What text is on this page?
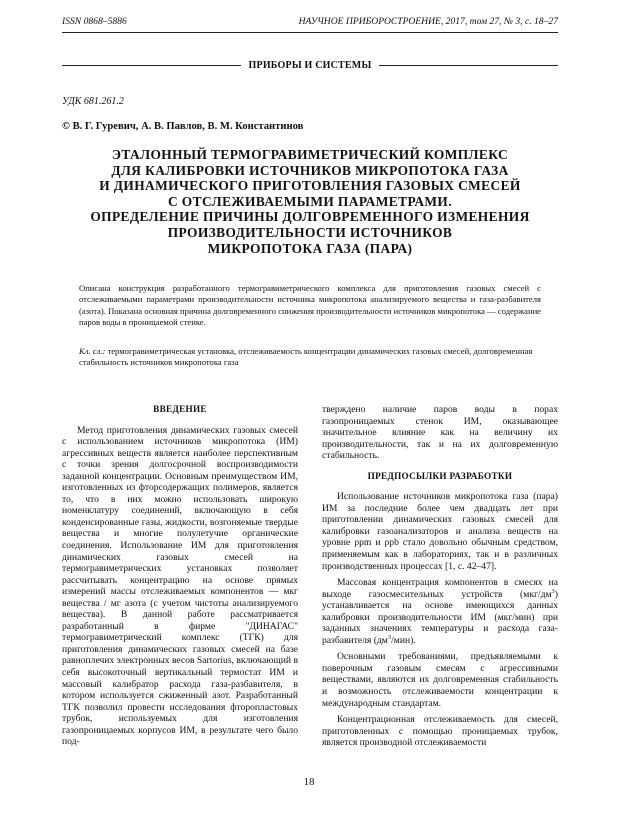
ISSN 0868–5886	НАУЧНОЕ ПРИБОРОСТРОЕНИЕ, 2017, том 27, № 3, с. 18–27
ПРИБОРЫ И СИСТЕМЫ
УДК 681.261.2
© В. Г. Гуревич, А. В. Павлов, В. М. Константинов
ЭТАЛОННЫЙ ТЕРМОГРАВИМЕТРИЧЕСКИЙ КОМПЛЕКС
ДЛЯ КАЛИБРОВКИ ИСТОЧНИКОВ МИКРОПОТОКА ГАЗА
И ДИНАМИЧЕСКОГО ПРИГОТОВЛЕНИЯ ГАЗОВЫХ СМЕСЕЙ
С ОТСЛЕЖИВАЕМЫМИ ПАРАМЕТРАМИ.
ОПРЕДЕЛЕНИЕ ПРИЧИНЫ ДОЛГОВРЕМЕННОГО ИЗМЕНЕНИЯ
ПРОИЗВОДИТЕЛЬНОСТИ ИСТОЧНИКОВ
МИКРОПОТОКА ГАЗА (ПАРА)
Описана конструкция разработанного термогравиметрического комплекса для приготовления газовых смесей с отслеживаемыми параметрами производительности источника микропотока анализируемого вещества и газа-разбавителя (азота). Показана основная причина долговременного снижения производительности источников микропотока — содержание паров воды в проницаемой стенке.
Кл. сл.: термогравиметрическая установка, отслеживаемость концентрации динамических газовых смесей, долговременная стабильность источников микропотока газа
ВВЕДЕНИЕ

Метод приготовления динамических газовых смесей с использованием источников микропотока (ИМ) агрессивных веществ является наиболее перспективным с точки зрения долгосрочной воспроизводимости заданной концентрации. Основным преимуществом ИМ, изготовленных из фторсодержащих полимеров, является то, что в них можно использовать широкую номенклатуру соединений, включающую в себя конденсированные газы, жидкости, возгоняемые твердые вещества и многие полулетучие органические соединения. Использование ИМ для приготовления динамических газовых смесей на термогравиметрических установках позволяет рассчитывать концентрацию на основе прямых измерений массы отслеживаемых компонентов — мкг вещества / мг азота (с учетом чистоты анализируемого вещества). В данной работе рассматривается разработанный в фирме "ДИНАГАС" термогравиметрический комплекс (ТГК) для приготовления динамических газовых смесей на базе равноплечих электронных весов Sartorius, включающий в себя высокоточный вертикальный термостат ИМ и массовый калибратор расхода газа-разбавителя, в котором используется сжиженный азот. Разработанный ТГК позволил провести исследования фторопластовых трубок, используемых для изготовления газопроницаемых корпусов ИМ, в результате чего было под-

тверждено наличие паров воды в порах газопроницаемых стенок ИМ, оказывающее значительное влияние как на величину их производительности, так и на их долговременную стабильность.

ПРЕДПОСЫЛКИ РАЗРАБОТКИ

Использование источников микропотока газа (пара) ИМ за последние более чем двадцать лет при приготовлении динамических газовых смесей для калибровки газоанализаторов и анализа веществ на уровне ρpm и ρpb стало довольно обычным средством, применяемым как в лабораториях, так и в различных производственных процессах [1, с. 42–47].

Массовая концентрация компонентов в смесях на выходе газосмесительных устройств $(мкг/дм^3)$ устанавливается на основе имеющихся данных калибровки производительности ИМ (мкг/мин) при заданных значениях температуры и расхода газа-разбавителя $(дм^3/мин)$.

Основными требованиями, предъявляемыми к поверочным газовым смесям с агрессивными веществами, являются их долговременная стабильность и возможность отслеживаемости концентрации к международным стандартам.

Концентрационная отслеживаемость для смесей, приготовленных с помощью проницаемых трубок, является производной отслеживаемости

18
